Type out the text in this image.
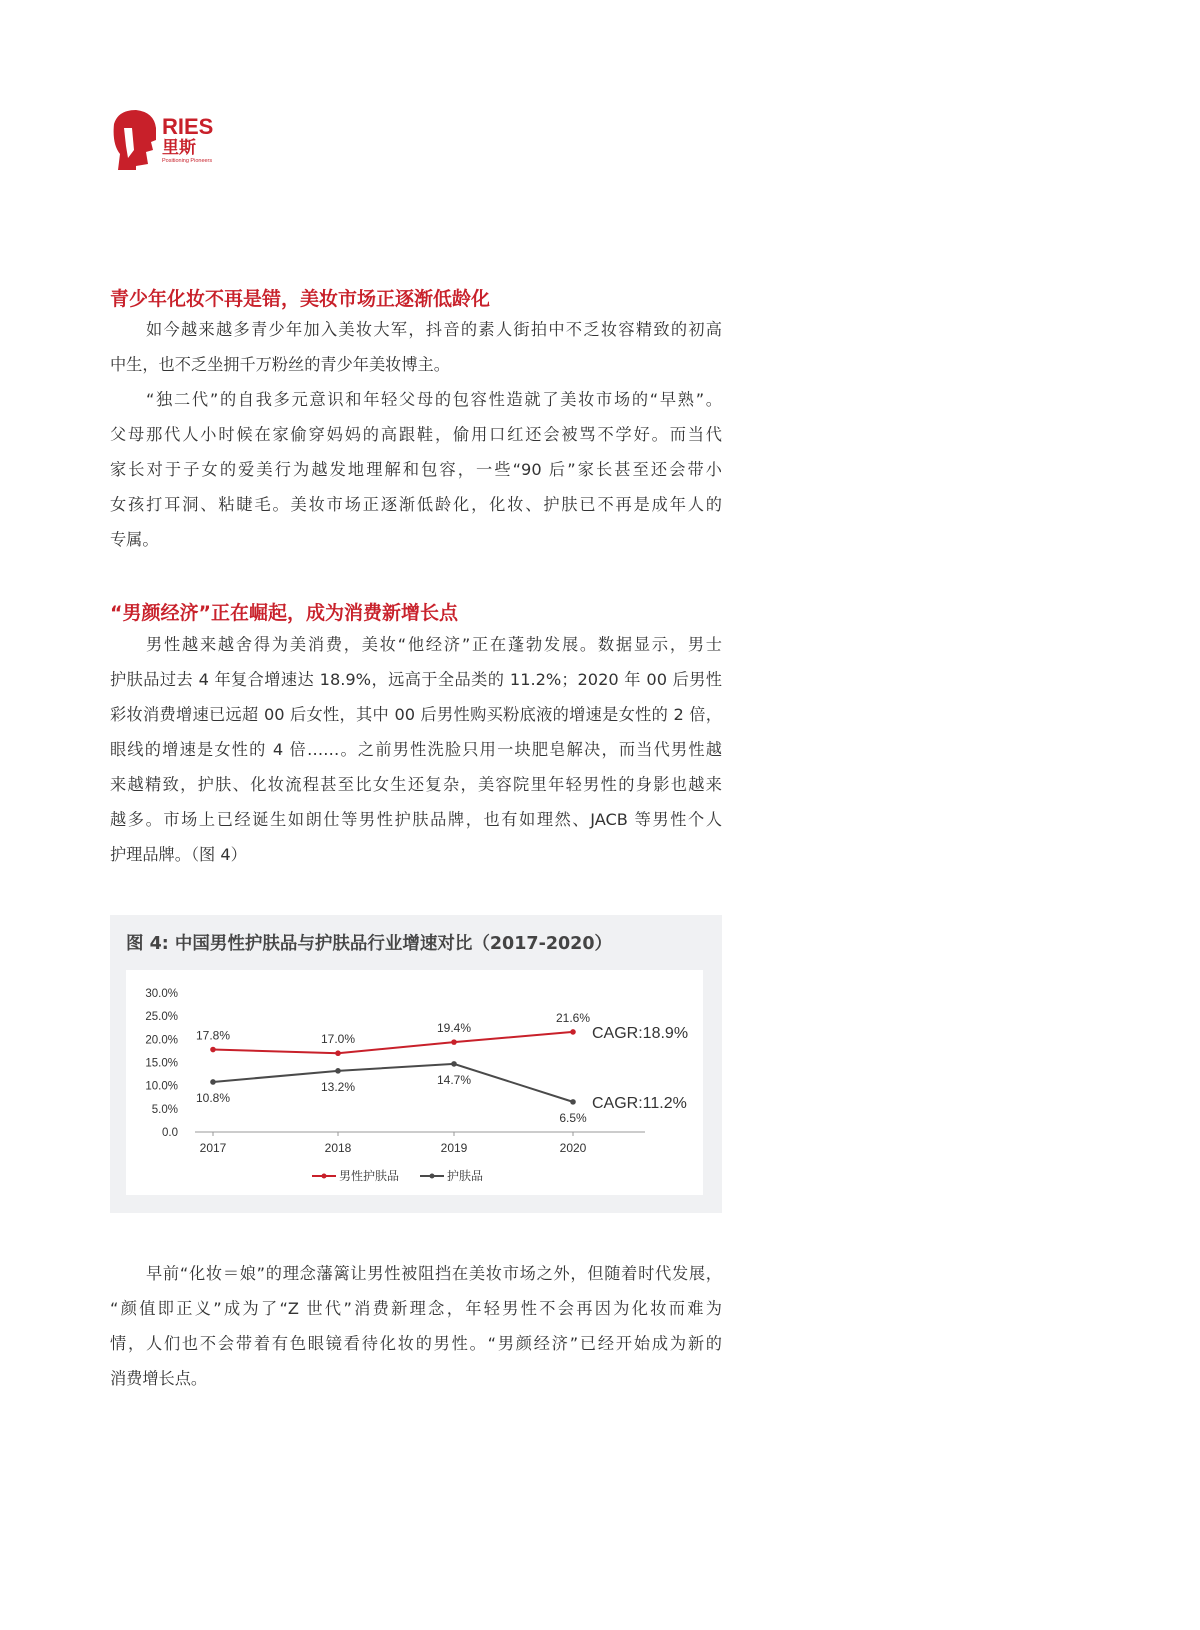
RIES
里斯
Positioning Pioneers
青少年化妆不再是错，美妆市场正逐渐低龄化
如今越来越多青少年加入美妆大军，抖音的素人街拍中不乏妆容精致的初高
中生，也不乏坐拥千万粉丝的青少年美妆博主。
“独二代”的自我多元意识和年轻父母的包容性造就了美妆市场的“早熟”。
父母那代人小时候在家偷穿妈妈的高跟鞋，偷用口红还会被骂不学好。而当代
家长对于子女的爱美行为越发地理解和包容，一些“90 后”家长甚至还会带小
女孩打耳洞、粘睫毛。美妆市场正逐渐低龄化，化妆、护肤已不再是成年人的
专属。
“男颜经济”正在崛起，成为消费新增长点
男性越来越舍得为美消费，美妆“他经济”正在蓬勃发展。数据显示，男士
护肤品过去 4 年复合增速达 18.9%，远高于全品类的 11.2%；2020 年 00 后男性
彩妆消费增速已远超 00 后女性，其中 00 后男性购买粉底液的增速是女性的 2 倍，
眼线的增速是女性的 4 倍……。之前男性洗脸只用一块肥皂解决，而当代男性越
来越精致，护肤、化妆流程甚至比女生还复杂，美容院里年轻男性的身影也越来
越多。市场上已经诞生如朗仕等男性护肤品牌，也有如理然、JACB 等男性个人
护理品牌。（图 4）
图 4: 中国男性护肤品与护肤品行业增速对比（2017-2020）
0.0
5.0%
10.0%
15.0%
20.0%
25.0%
30.0%
2017	2018	2019	2020
17.8%	17.0%
19.4%
21.6%
CAGR:18.9%
男性护肤品
10.8%
13.2%	14.7%
6.5%
CAGR:11.2%
护肤品
早前“化妆＝娘”的理念藩篱让男性被阻挡在美妆市场之外，但随着时代发展，
“颜值即正义”成为了“Z 世代”消费新理念，年轻男性不会再因为化妆而难为
情，人们也不会带着有色眼镜看待化妆的男性。“男颜经济”已经开始成为新的
消费增长点。
